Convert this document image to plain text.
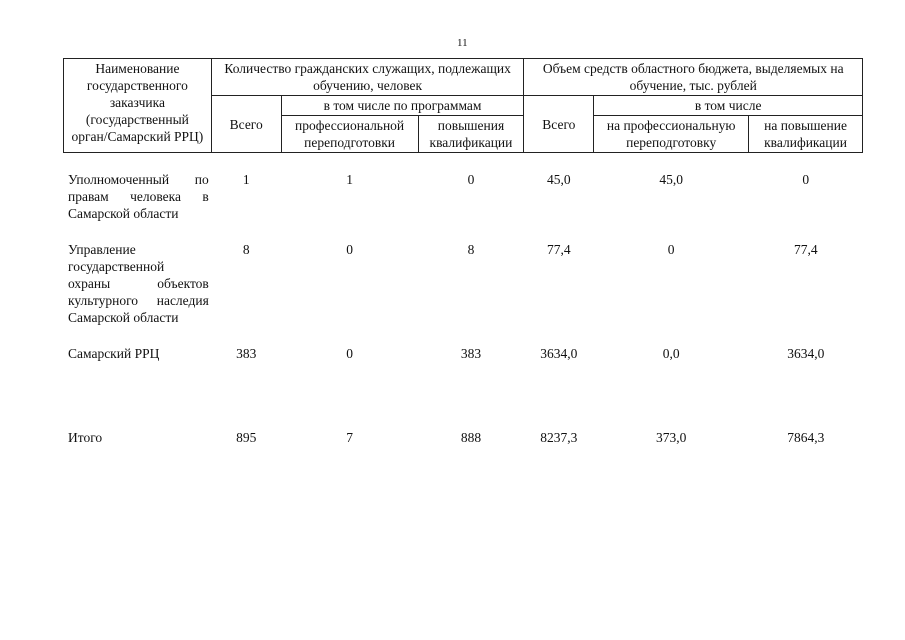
11
Наименование государственного заказчика (государственный орган/Самарский РРЦ)	Количество гражданских служащих, подлежащих обучению, человек			Объем средств областного бюджета, выделяемых на обучение, тыс. рублей		
	Всего	в том числе по программам		Всего	в том числе	
		профессиональной переподготовки	повышения квалификации		на профессиональную переподготовку	на повышение квалификации
Уполномоченный по правам человека в Самарской области	1	1	0	45,0	45,0	0
Управление государственной охраны объектов культурного наследия Самарской области	8	0	8	77,4	0	77,4
Самарский РРЦ	383	0	383	3634,0	0,0	3634,0
Итого	895	7	888	8237,3	373,0	7864,3
